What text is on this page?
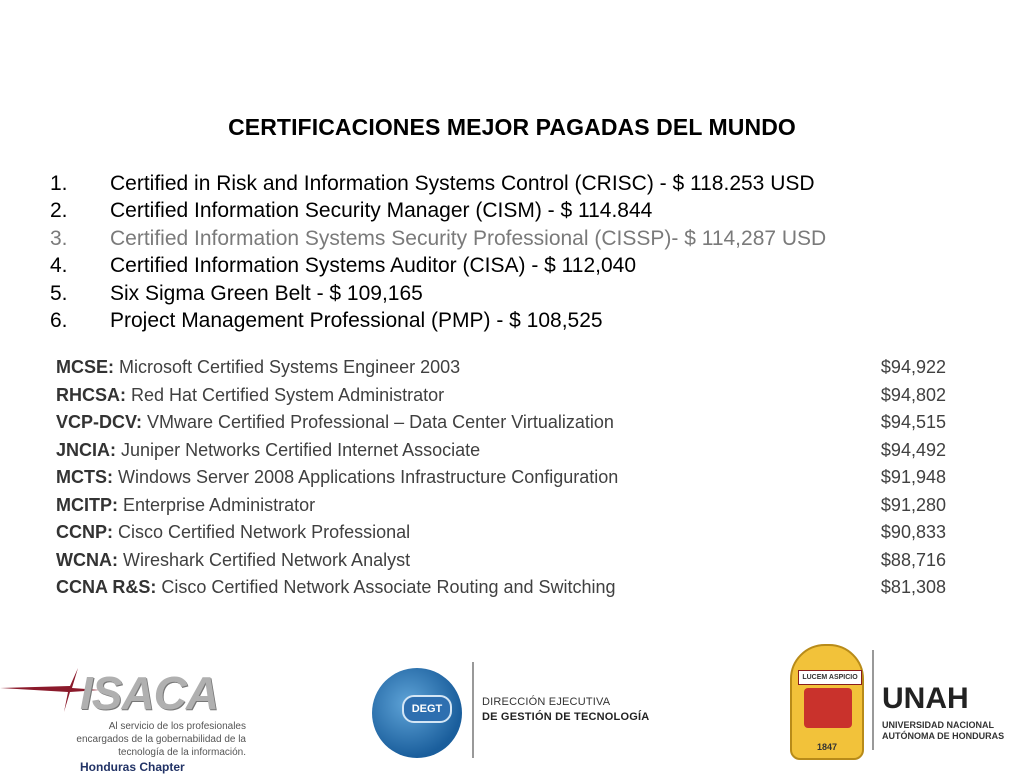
CERTIFICACIONES MEJOR PAGADAS DEL MUNDO
1. Certified in Risk and Information Systems Control (CRISC) - $ 118.253 USD
2. Certified Information Security Manager (CISM) - $ 114.844
3. Certified Information Systems Security Professional (CISSP)- $ 114,287 USD
4. Certified Information Systems Auditor (CISA) - $ 112,040
5. Six Sigma Green Belt - $ 109,165
6. Project Management Professional (PMP) - $ 108,525
MCSE: Microsoft Certified Systems Engineer 2003	$94,922
RHCSA: Red Hat Certified System Administrator	$94,802
VCP-DCV: VMware Certified Professional – Data Center Virtualization	$94,515
JNCIA: Juniper Networks Certified Internet Associate	$94,492
MCTS: Windows Server 2008 Applications Infrastructure Configuration	$91,948
MCITP: Enterprise Administrator	$91,280
CCNP: Cisco Certified Network Professional	$90,833
WCNA: Wireshark Certified Network Analyst	$88,716
CCNA R&S: Cisco Certified Network Associate Routing and Switching	$81,308
ISACA
Al servicio de los profesionales
encargados de la gobernabilidad de la
tecnología de la información.
Honduras Chapter
DEGT
DIRECCIÓN EJECUTIVA
DE GESTIÓN DE TECNOLOGÍA
LUCEM ASPICIO
1847
UNAH
UNIVERSIDAD NACIONAL
AUTÓNOMA DE HONDURAS
